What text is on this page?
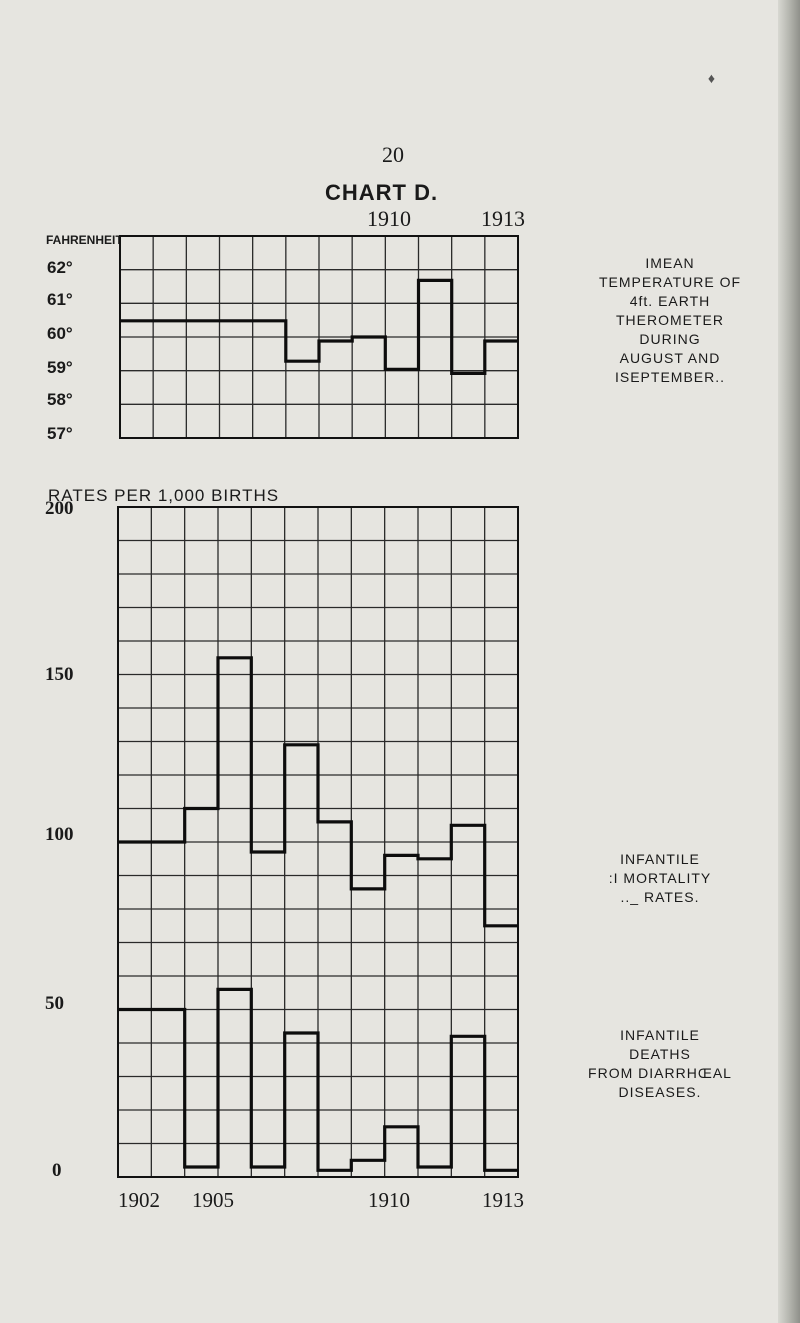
♦
20
CHART D.
1910	1913
FAHRENHEIT
62°
61°
60°
59°
58°
57°
IMEAN
TEMPERATURE OF
4ft. EARTH
THEROMETER
DURING
AUGUST AND
ISEPTEMBER..
RATES PER 1,000 BIRTHS
200
150
100
50
0
1902 1905	1910	1913
INFANTILE
:I MORTALITY
.._ RATES.
INFANTILE
DEATHS
FROM DIARRHŒAL
DISEASES.
